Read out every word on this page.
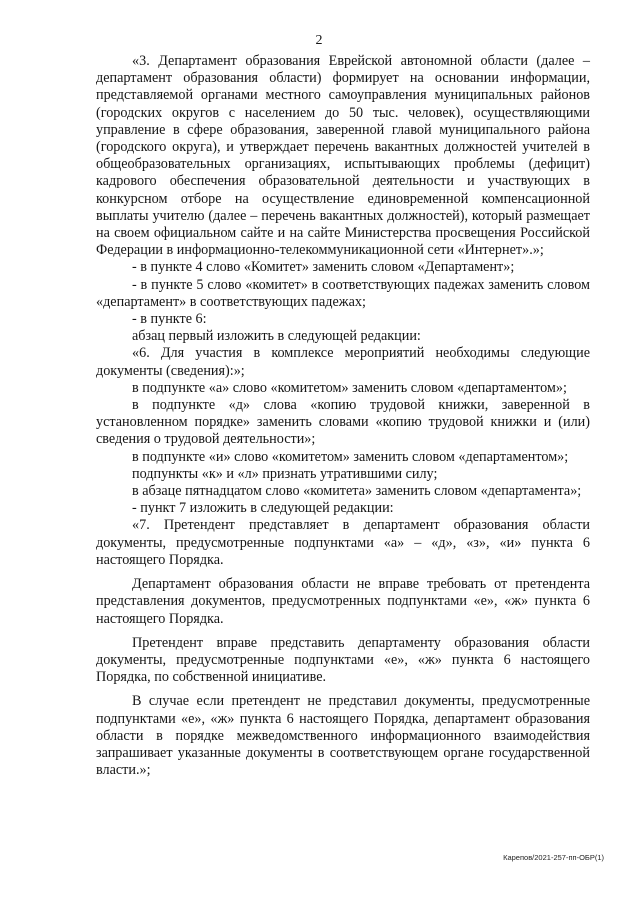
2

«3. Департамент образования Еврейской автономной области (далее – департамент образования области) формирует на основании информации, представляемой органами местного самоуправления муниципальных районов (городских округов с населением до 50 тыс. человек), осуществляющими управление в сфере образования, заверенной главой муниципального района (городского округа), и утверждает перечень вакантных должностей учителей в общеобразовательных организациях, испытывающих проблемы (дефицит) кадрового обеспечения образовательной деятельности и участвующих в конкурсном отборе на осуществление единовременной компенсационной выплаты учителю (далее – перечень вакантных должностей), который размещает на своем официальном сайте и на сайте Министерства просвещения Российской Федерации в информационно-телекоммуникационной сети «Интернет».»;

- в пункте 4 слово «Комитет» заменить словом «Департамент»;

- в пункте 5 слово «комитет» в соответствующих падежах заменить словом «департамент» в соответствующих падежах;

- в пункте 6:

абзац первый изложить в следующей редакции:

«6. Для участия в комплексе мероприятий необходимы следующие документы (сведения):»;

в подпункте «а» слово «комитетом» заменить словом «департаментом»;

в подпункте «д» слова «копию трудовой книжки, заверенной в установленном порядке» заменить словами «копию трудовой книжки и (или) сведения о трудовой деятельности»;

в подпункте «и» слово «комитетом» заменить словом «департаментом»;

подпункты «к» и «л» признать утратившими силу;

в абзаце пятнадцатом слово «комитета» заменить словом «департамента»;

- пункт 7 изложить в следующей редакции:

«7. Претендент представляет в департамент образования области документы, предусмотренные подпунктами «а» – «д», «з», «и» пункта 6 настоящего Порядка.

Департамент образования области не вправе требовать от претендента представления документов, предусмотренных подпунктами «е», «ж» пункта 6 настоящего Порядка.

Претендент вправе представить департаменту образования области документы, предусмотренные подпунктами «е», «ж» пункта 6 настоящего Порядка, по собственной инициативе.

В случае если претендент не представил документы, предусмотренные подпунктами «е», «ж» пункта 6 настоящего Порядка, департамент образования области в порядке межведомственного информационного взаимодействия запрашивает указанные документы в соответствующем органе государственной власти.»;

Карепов/2021-257-пп-ОБР(1)
